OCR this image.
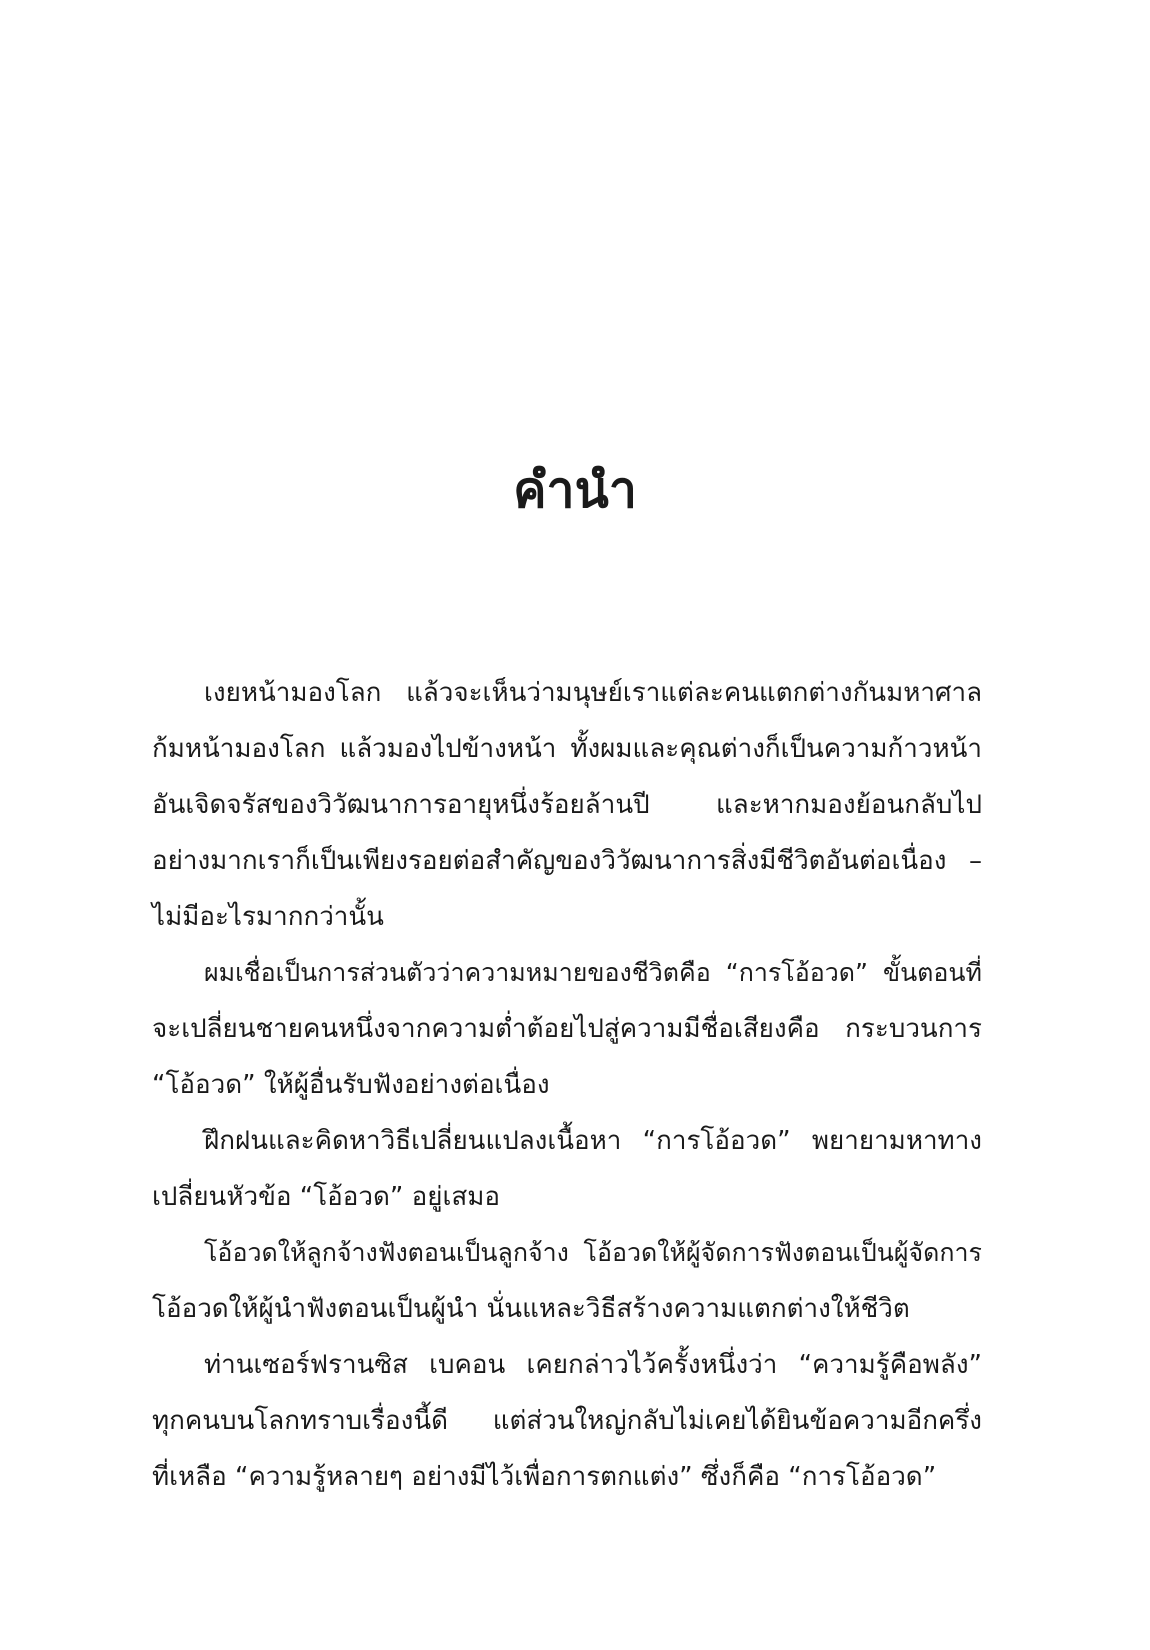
คำนำ
เงยหน้ามองโลก แล้วจะเห็นว่ามนุษย์เราแต่ละคนแตกต่างกันมหาศาล
ก้มหน้ามองโลก แล้วมองไปข้างหน้า ทั้งผมและคุณต่างก็เป็นความก้าวหน้า
อันเจิดจรัสของวิวัฒนาการอายุหนึ่งร้อยล้านปี และหากมองย้อนกลับไป
อย่างมากเราก็เป็นเพียงรอยต่อสำคัญของวิวัฒนาการสิ่งมีชีวิตอันต่อเนื่อง –
ไม่มีอะไรมากกว่านั้น
ผมเชื่อเป็นการส่วนตัวว่าความหมายของชีวิตคือ “การโอ้อวด” ขั้นตอนที่
จะเปลี่ยนชายคนหนึ่งจากความต่ำต้อยไปสู่ความมีชื่อเสียงคือ กระบวนการ
“โอ้อวด” ให้ผู้อื่นรับฟังอย่างต่อเนื่อง
ฝึกฝนและคิดหาวิธีเปลี่ยนแปลงเนื้อหา “การโอ้อวด” พยายามหาทาง
เปลี่ยนหัวข้อ “โอ้อวด” อยู่เสมอ
โอ้อวดให้ลูกจ้างฟังตอนเป็นลูกจ้าง โอ้อวดให้ผู้จัดการฟังตอนเป็นผู้จัดการ
โอ้อวดให้ผู้นำฟังตอนเป็นผู้นำ นั่นแหละวิธีสร้างความแตกต่างให้ชีวิต
ท่านเซอร์ฟรานซิส เบคอน เคยกล่าวไว้ครั้งหนึ่งว่า “ความรู้คือพลัง”
ทุกคนบนโลกทราบเรื่องนี้ดี แต่ส่วนใหญ่กลับไม่เคยได้ยินข้อความอีกครึ่ง
ที่เหลือ “ความรู้หลายๆ อย่างมีไว้เพื่อการตกแต่ง” ซึ่งก็คือ “การโอ้อวด”
